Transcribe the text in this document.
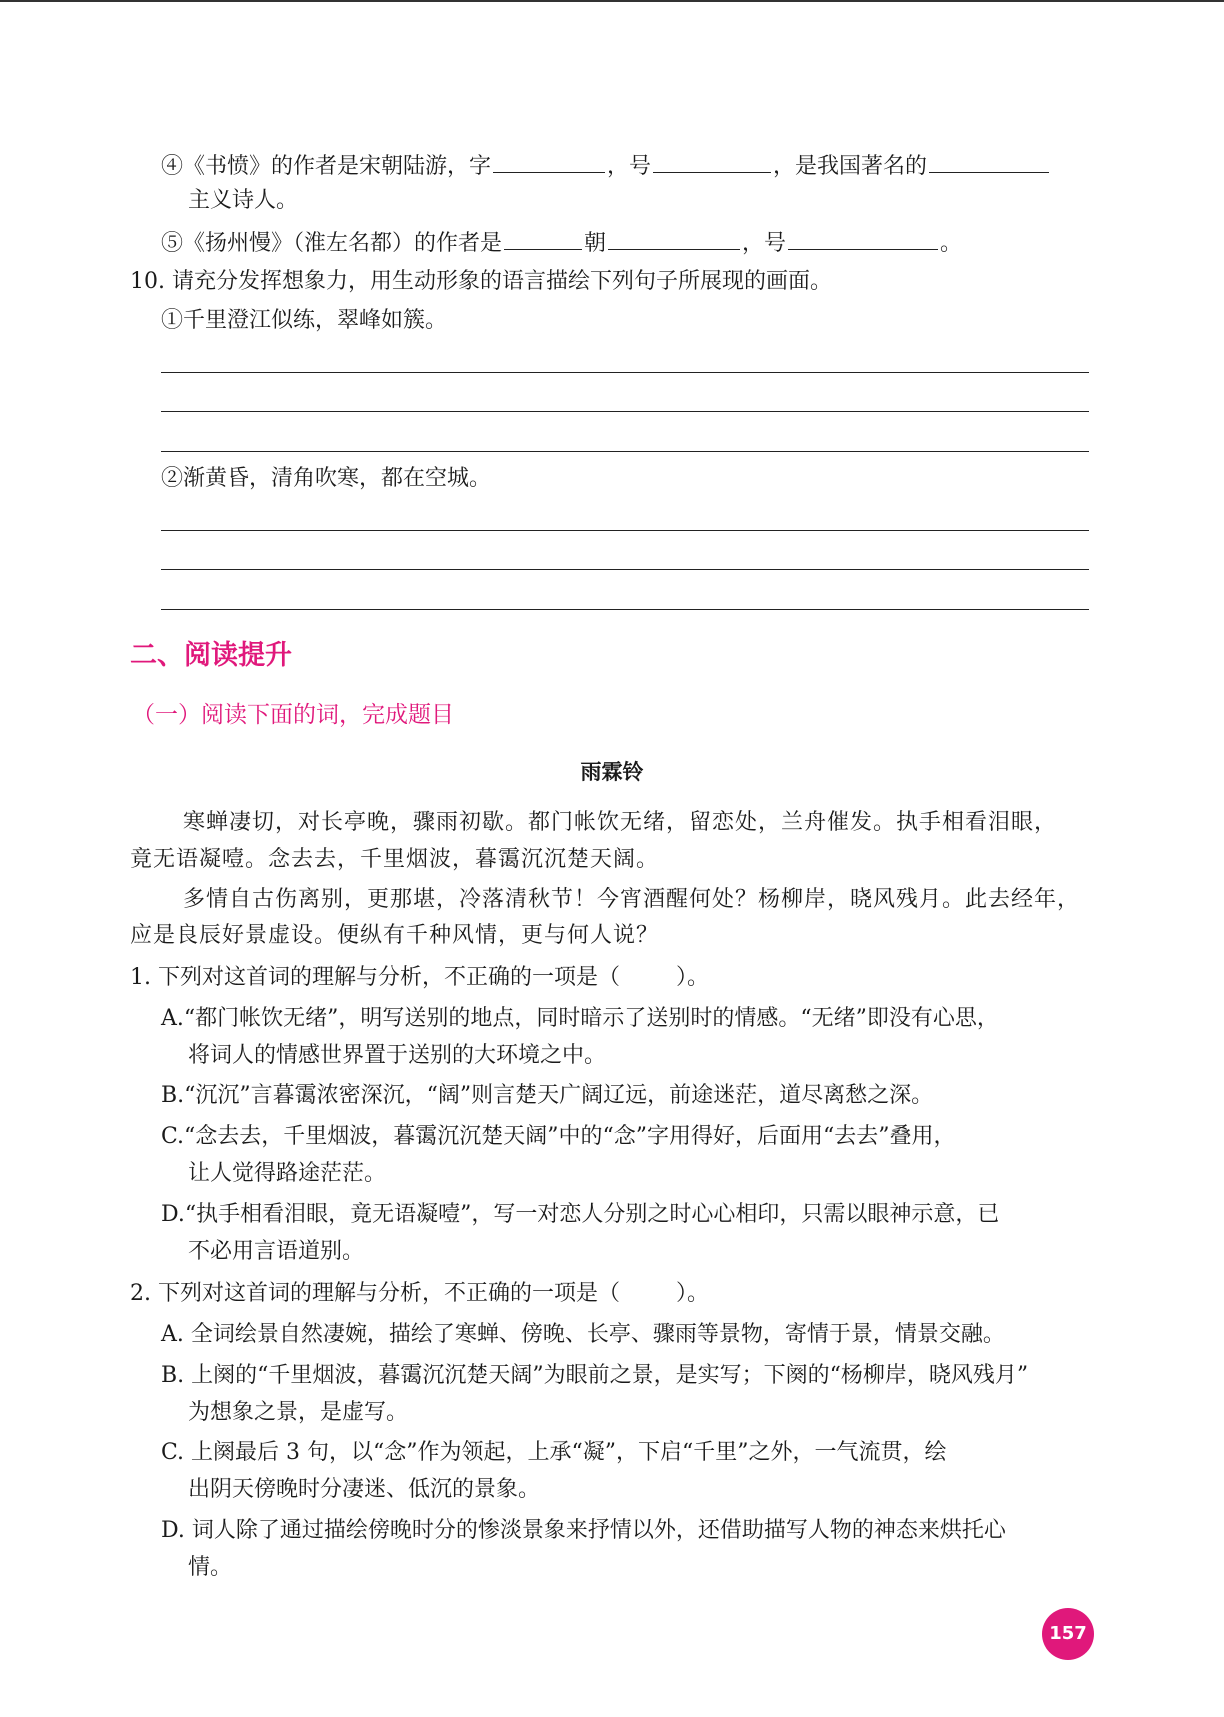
④《书愤》的作者是宋朝陆游，字	，号	，是我国著名的
主义诗人。
⑤《扬州慢》（淮左名都）的作者是	朝	，号	。
10. 请充分发挥想象力，用生动形象的语言描绘下列句子所展现的画面。
①千里澄江似练，翠峰如簇。
②渐黄昏，清角吹寒，都在空城。
二、阅读提升
（一）阅读下面的词，完成题目
雨霖铃
寒蝉凄切，对长亭晚，骤雨初歇。都门帐饮无绪，留恋处，兰舟催发。执手相看泪眼，
竟无语凝噎。念去去，千里烟波，暮霭沉沉楚天阔。
多情自古伤离别，更那堪，冷落清秋节！今宵酒醒何处？杨柳岸，晓风残月。此去经年，
应是良辰好景虚设。便纵有千种风情，更与何人说？
1. 下列对这首词的理解与分析，不正确的一项是（	）。
A.“都门帐饮无绪”，明写送别的地点，同时暗示了送别时的情感。“无绪”即没有心思，
将词人的情感世界置于送别的大环境之中。
B.“沉沉”言暮霭浓密深沉，“阔”则言楚天广阔辽远，前途迷茫，道尽离愁之深。
C.“念去去，千里烟波，暮霭沉沉楚天阔”中的“念”字用得好，后面用“去去”叠用，
让人觉得路途茫茫。
D.“执手相看泪眼，竟无语凝噎”，写一对恋人分别之时心心相印，只需以眼神示意，已
不必用言语道别。
2. 下列对这首词的理解与分析，不正确的一项是（	）。
A. 全词绘景自然凄婉，描绘了寒蝉、傍晚、长亭、骤雨等景物，寄情于景，情景交融。
B. 上阕的“千里烟波，暮霭沉沉楚天阔”为眼前之景，是实写；下阕的“杨柳岸，晓风残月”
为想象之景，是虚写。
C. 上阕最后 3 句，以“念”作为领起，上承“凝”，下启“千里”之外，一气流贯，绘
出阴天傍晚时分凄迷、低沉的景象。
D. 词人除了通过描绘傍晚时分的惨淡景象来抒情以外，还借助描写人物的神态来烘托心
情。
157
